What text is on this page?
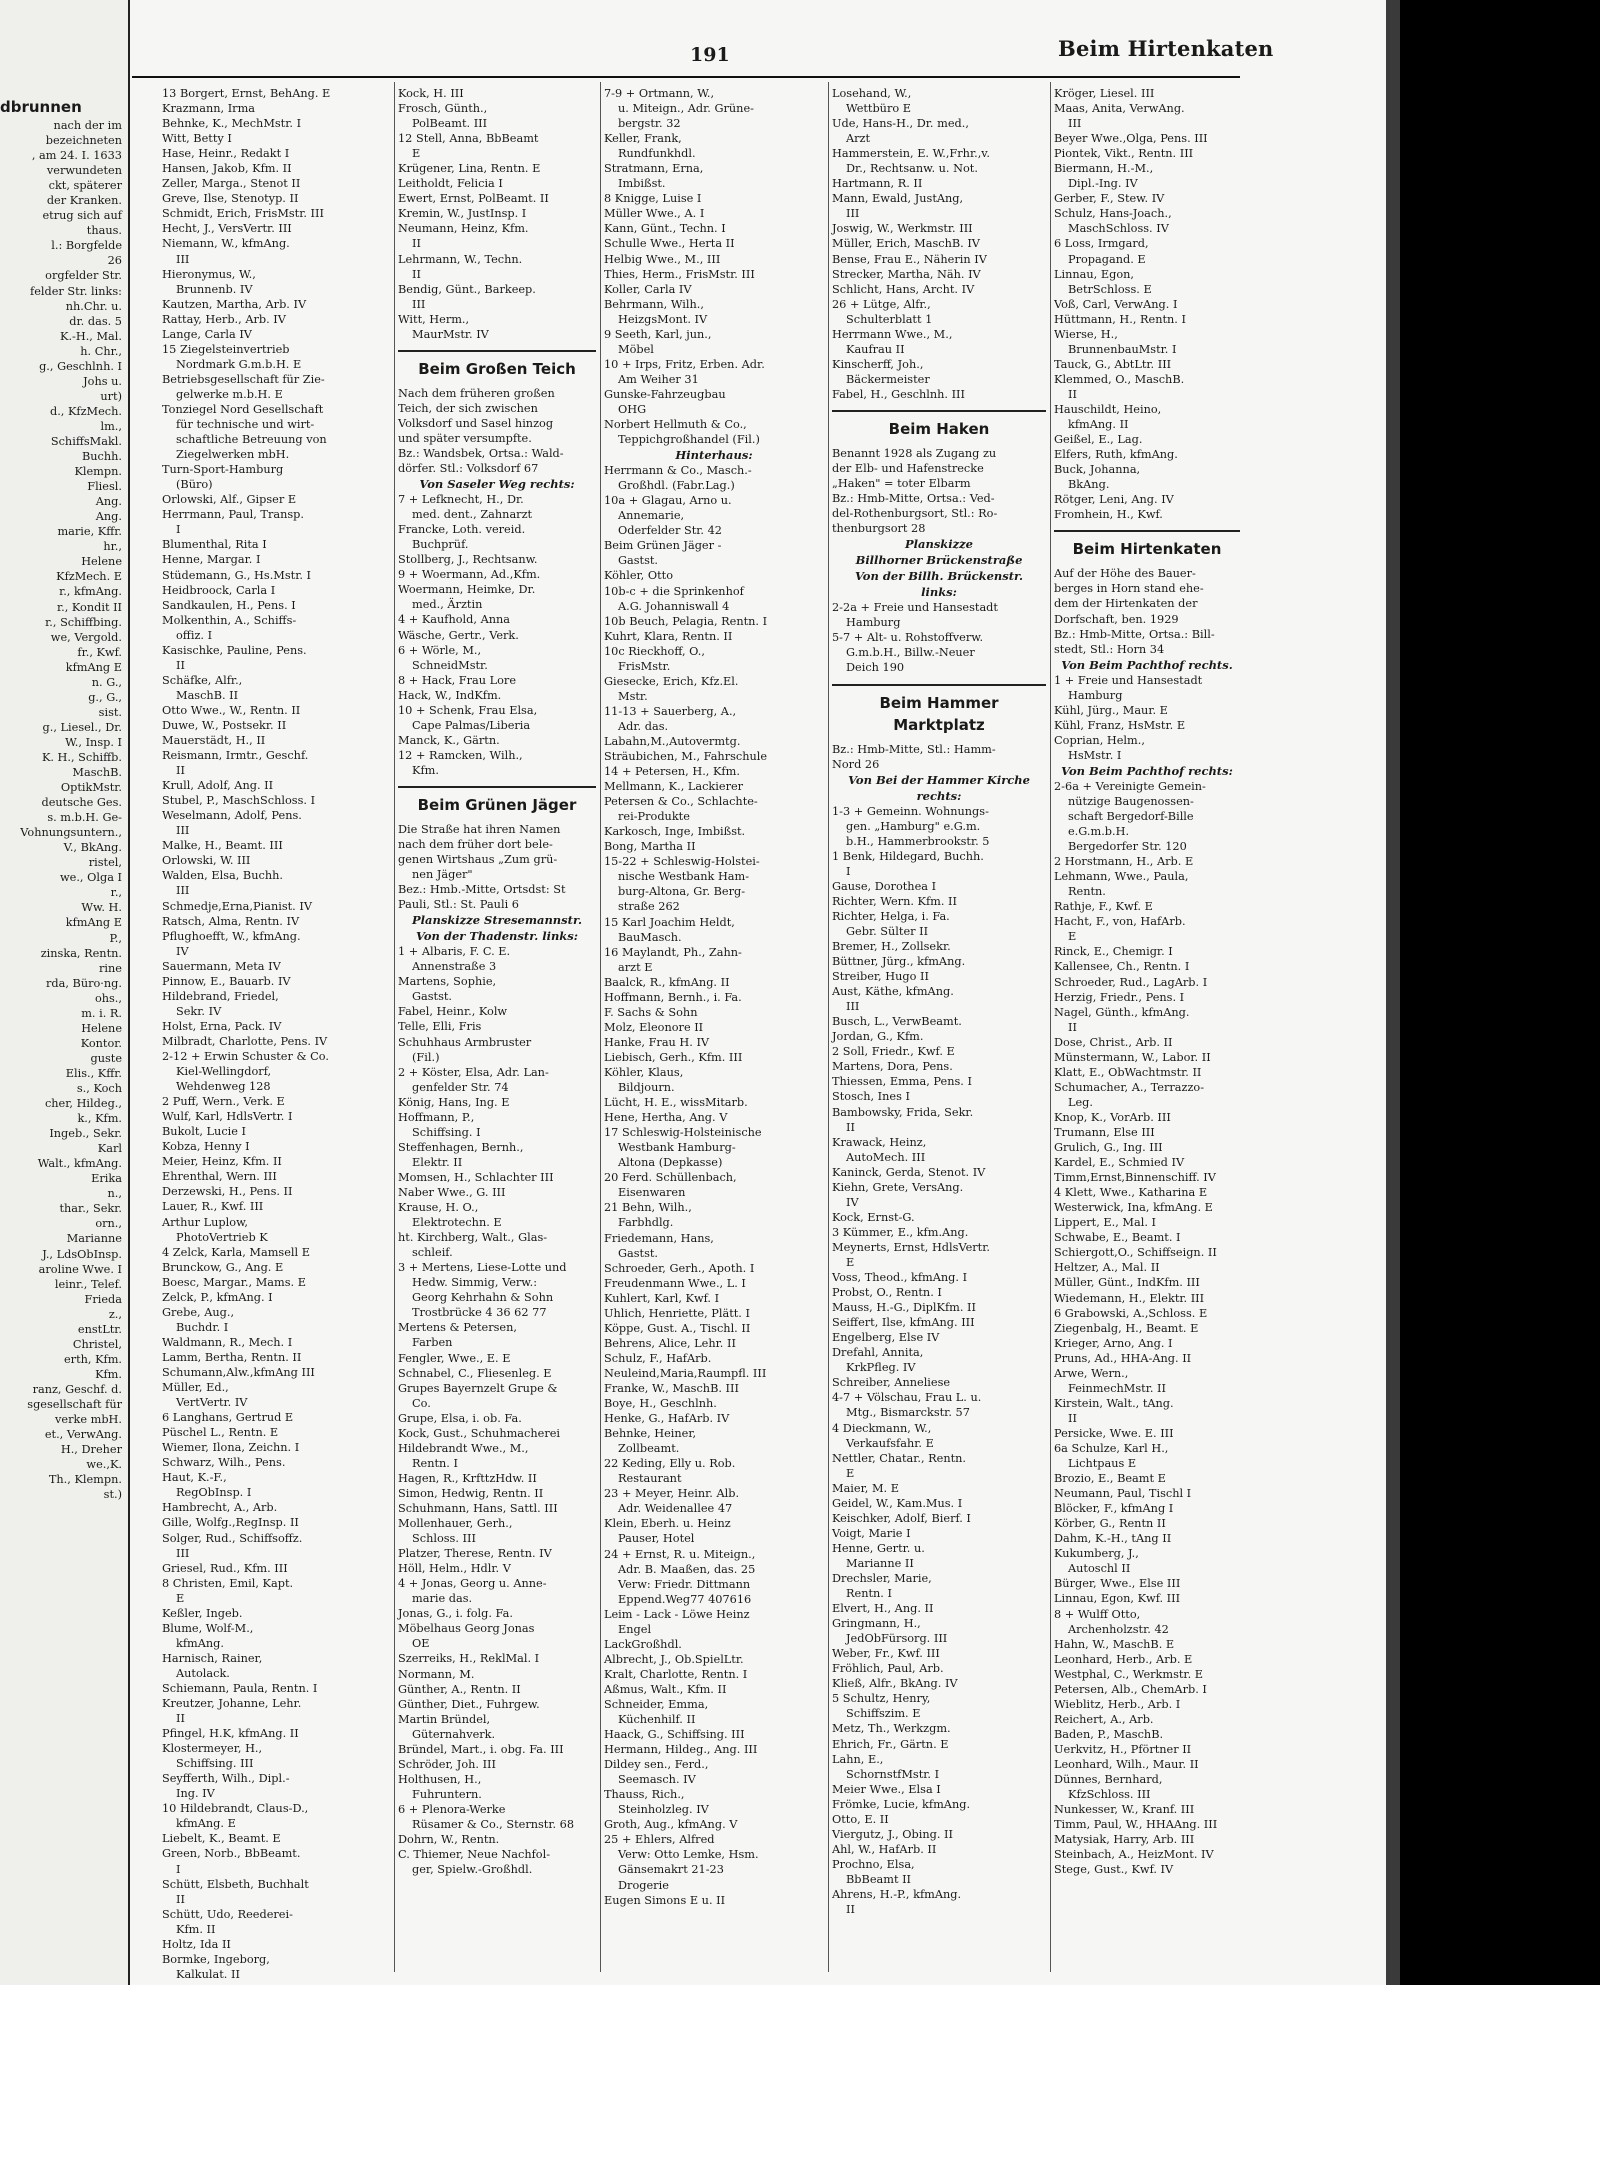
dbrunnen
nach der im
bezeichneten
, am 24. I. 1633
verwundeten
ckt, späterer
der Kranken.
etrug sich auf
thaus.
l.: Borgfelde
26
orgfelder Str.
felder Str. links:
nh.Chr. u.
dr. das. 5
K.-H., Mal.
h. Chr.,
g., Geschlnh. I
Johs u.
urt)
d., KfzMech.
lm.,
SchiffsMakl.
Buchh.
Klempn.
Fliesl.
Ang.
Ang.
marie, Kffr.
hr.,
Helene
KfzMech. E
r., kfmAng.
r., Kondit II
r., Schiffbing.
we, Vergold.
fr., Kwf.
kfmAng E
n. G.,
g., G.,
sist.
g., Liesel., Dr.
W., Insp. I
K. H., Schiffb.
MaschB.
OptikMstr.
deutsche Ges.
s. m.b.H. Ge-
Vohnungsuntern.,
V., BkAng.
ristel,
we., Olga I
r.,
Ww. H.
kfmAng E
P.,
zinska, Rentn.
rine
rda, Büro·ng.
ohs.,
m. i. R.
Helene
Kontor.
guste
Elis., Kffr.
s., Koch
cher, Hildeg.,
k., Kfm.
Ingeb., Sekr.
Karl
Walt., kfmAng.
Erika
n.,
thar., Sekr.
orn.,
Marianne
J., LdsObInsp.
aroline Wwe. I
leinr., Telef.
Frieda
z.,
enstLtr.
Christel,
erth, Kfm.
Kfm.
ranz, Geschf. d.
sgesellschaft für
verke mbH.
et., VerwAng.
H., Dreher
we.,K.
Th., Klempn.
st.)
191	Beim Hirtenkaten
13 Borgert, Ernst, BehAng. E
Krazmann, Irma
Behnke, K., MechMstr. I
Witt, Betty I
Hase, Heinr., Redakt I
Hansen, Jakob, Kfm. II
Zeller, Marga., Stenot II
Greve, Ilse, Stenotyp. II
Schmidt, Erich, FrisMstr. III
Hecht, J., VersVertr. III
Niemann, W., kfmAng.
III
Hieronymus, W.,
Brunnenb. IV
Kautzen, Martha, Arb. IV
Rattay, Herb., Arb. IV
Lange, Carla IV
15 Ziegelsteinvertrieb
Nordmark G.m.b.H. E
Betriebsgesellschaft für Zie-
gelwerke m.b.H. E
Tonziegel Nord Gesellschaft
für technische und wirt-
schaftliche Betreuung von
Ziegelwerken mbH.
Turn-Sport-Hamburg
(Büro)
Orlowski, Alf., Gipser E
Herrmann, Paul, Transp.
I
Blumenthal, Rita I
Henne, Margar. I
Stüdemann, G., Hs.Mstr. I
Heidbroock, Carla I
Sandkaulen, H., Pens. I
Molkenthin, A., Schiffs-
offiz. I
Kasischke, Pauline, Pens.
II
Schäfke, Alfr.,
MaschB. II
Otto Wwe., W., Rentn. II
Duwe, W., Postsekr. II
Mauerstädt, H., II
Reismann, Irmtr., Geschf.
II
Krull, Adolf, Ang. II
Stubel, P., MaschSchloss. I
Weselmann, Adolf, Pens.
III
Malke, H., Beamt. III
Orlowski, W. III
Walden, Elsa, Buchh.
III
Schmedje,Erna,Pianist. IV
Ratsch, Alma, Rentn. IV
Pflughoefft, W., kfmAng.
IV
Sauermann, Meta IV
Pinnow, E., Bauarb. IV
Hildebrand, Friedel,
Sekr. IV
Holst, Erna, Pack. IV
Milbradt, Charlotte, Pens. IV
2-12 + Erwin Schuster & Co.
Kiel-Wellingdorf,
Wehdenweg 128
2 Puff, Wern., Verk. E
Wulf, Karl, HdlsVertr. I
Bukolt, Lucie I
Kobza, Henny I
Meier, Heinz, Kfm. II
Ehrenthal, Wern. III
Derzewski, H., Pens. II
Lauer, R., Kwf. III
Arthur Luplow,
PhotoVertrieb K
4 Zelck, Karla, Mamsell E
Brunckow, G., Ang. E
Boesc, Margar., Mams. E
Zelck, P., kfmAng. I
Grebe, Aug.,
Buchdr. I
Waldmann, R., Mech. I
Lamm, Bertha, Rentn. II
Schumann,Alw.,kfmAng III
Müller, Ed.,
VertVertr. IV
6 Langhans, Gertrud E
Püschel L., Rentn. E
Wiemer, Ilona, Zeichn. I
Schwarz, Wilh., Pens.
Haut, K.-F.,
RegObInsp. I
Hambrecht, A., Arb.
Gille, Wolfg.,RegInsp. II
Solger, Rud., Schiffsoffz.
III
Griesel, Rud., Kfm. III
8 Christen, Emil, Kapt.
E
Keßler, Ingeb.
Blume, Wolf-M.,
kfmAng.
Harnisch, Rainer,
Autolack.
Schiemann, Paula, Rentn. I
Kreutzer, Johanne, Lehr.
II
Pfingel, H.K, kfmAng. II
Klostermeyer, H.,
Schiffsing. III
Seyfferth, Wilh., Dipl.-
Ing. IV
10 Hildebrandt, Claus-D.,
kfmAng. E
Liebelt, K., Beamt. E
Green, Norb., BbBeamt.
I
Schütt, Elsbeth, Buchhalt
II
Schütt, Udo, Reederei-
Kfm. II
Holtz, Ida II
Bormke, Ingeborg,
Kalkulat. II
Kock, H. III
Frosch, Günth.,
PolBeamt. III
12 Stell, Anna, BbBeamt
E
Krügener, Lina, Rentn. E
Leitholdt, Felicia I
Ewert, Ernst, PolBeamt. II
Kremin, W., JustInsp. I
Neumann, Heinz, Kfm.
II
Lehrmann, W., Techn.
II
Bendig, Günt., Barkeep.
III
Witt, Herm.,
MaurMstr. IV
Beim Großen Teich
Nach dem früheren großen
Teich, der sich zwischen
Volksdorf und Sasel hinzog
und später versumpfte.
Bz.: Wandsbek, Ortsa.: Wald-
dörfer. Stl.: Volksdorf 67
Von Saseler Weg rechts:
7 + Lefknecht, H., Dr.
med. dent., Zahnarzt
Francke, Loth. vereid.
Buchprüf.
Stollberg, J., Rechtsanw.
9 + Woermann, Ad.,Kfm.
Woermann, Heimke, Dr.
med., Ärztin
4 + Kaufhold, Anna
Wäsche, Gertr., Verk.
6 + Wörle, M.,
SchneidMstr.
8 + Hack, Frau Lore
Hack, W., IndKfm.
10 + Schenk, Frau Elsa,
Cape Palmas/Liberia
Manck, K., Gärtn.
12 + Ramcken, Wilh.,
Kfm.
Beim Grünen Jäger
Die Straße hat ihren Namen
nach dem früher dort bele-
genen Wirtshaus „Zum grü-
nen Jäger"
Bez.: Hmb.-Mitte, Ortsdst: St
Pauli, Stl.: St. Pauli 6
Planskizze Stresemannstr.
Von der Thadenstr. links:
1 + Albaris, F. C. E.
Annenstraße 3
Martens, Sophie,
Gastst.
Fabel, Heinr., Kolw
Telle, Elli, Fris
Schuhhaus Armbruster
(Fil.)
2 + Köster, Elsa, Adr. Lan-
genfelder Str. 74
König, Hans, Ing. E
Hoffmann, P.,
Schiffsing. I
Steffenhagen, Bernh.,
Elektr. II
Momsen, H., Schlachter III
Naber Wwe., G. III
Krause, H. O.,
Elektrotechn. E
ht. Kirchberg, Walt., Glas-
schleif.
3 + Mertens, Liese-Lotte und
Hedw. Simmig, Verw.:
Georg Kehrhahn & Sohn
Trostbrücke 4 36 62 77
Mertens & Petersen,
Farben
Fengler, Wwe., E. E
Schnabel, C., Fliesenleg. E
Grupes Bayernzelt Grupe &
Co.
Grupe, Elsa, i. ob. Fa.
Kock, Gust., Schuhmacherei
Hildebrandt Wwe., M.,
Rentn. I
Hagen, R., KrfttzHdw. II
Simon, Hedwig, Rentn. II
Schuhmann, Hans, Sattl. III
Mollenhauer, Gerh.,
Schloss. III
Platzer, Therese, Rentn. IV
Höll, Helm., Hdlr. V
4 + Jonas, Georg u. Anne-
marie das.
Jonas, G., i. folg. Fa.
Möbelhaus Georg Jonas
OE
Szerreiks, H., ReklMal. I
Normann, M.
Günther, A., Rentn. II
Günther, Diet., Fuhrgew.
Martin Bründel,
Güternahverk.
Bründel, Mart., i. obg. Fa. III
Schröder, Joh. III
Holthusen, H.,
Fuhruntern.
6 + Plenora-Werke
Rüsamer & Co., Sternstr. 68
Dohrn, W., Rentn.
C. Thiemer, Neue Nachfol-
ger, Spielw.-Großhdl.
7-9 + Ortmann, W.,
u. Miteign., Adr. Grüne-
bergstr. 32
Keller, Frank,
Rundfunkhdl.
Stratmann, Erna,
Imbißst.
8 Knigge, Luise I
Müller Wwe., A. I
Kann, Günt., Techn. I
Schulle Wwe., Herta II
Helbig Wwe., M., III
Thies, Herm., FrisMstr. III
Koller, Carla IV
Behrmann, Wilh.,
HeizgsMont. IV
9 Seeth, Karl, jun.,
Möbel
10 + Irps, Fritz, Erben. Adr.
Am Weiher 31
Gunske-Fahrzeugbau
OHG
Norbert Hellmuth & Co.,
Teppichgroßhandel (Fil.)
Hinterhaus:
Herrmann & Co., Masch.-
Großhdl. (Fabr.Lag.)
10a + Glagau, Arno u.
Annemarie,
Oderfelder Str. 42
Beim Grünen Jäger -
Gastst.
Köhler, Otto
10b-c + die Sprinkenhof
A.G. Johanniswall 4
10b Beuch, Pelagia, Rentn. I
Kuhrt, Klara, Rentn. II
10c Rieckhoff, O.,
FrisMstr.
Giesecke, Erich, Kfz.El.
Mstr.
11-13 + Sauerberg, A.,
Adr. das.
Labahn,M.,Autovermtg.
Sträubichen, M., Fahrschule
14 + Petersen, H., Kfm.
Mellmann, K., Lackierer
Petersen & Co., Schlachte-
rei-Produkte
Karkosch, Inge, Imbißst.
Bong, Martha II
15-22 + Schleswig-Holstei-
nische Westbank Ham-
burg-Altona, Gr. Berg-
straße 262
15 Karl Joachim Heldt,
BauMasch.
16 Maylandt, Ph., Zahn-
arzt E
Baalck, R., kfmAng. II
Hoffmann, Bernh., i. Fa.
F. Sachs & Sohn
Molz, Eleonore II
Hanke, Frau H. IV
Liebisch, Gerh., Kfm. III
Köhler, Klaus,
Bildjourn.
Lücht, H. E., wissMitarb.
Hene, Hertha, Ang. V
17 Schleswig-Holsteinische
Westbank Hamburg-
Altona (Depkasse)
20 Ferd. Schüllenbach,
Eisenwaren
21 Behn, Wilh.,
Farbhdlg.
Friedemann, Hans,
Gastst.
Schroeder, Gerh., Apoth. I
Freudenmann Wwe., L. I
Kuhlert, Karl, Kwf. I
Uhlich, Henriette, Plätt. I
Köppe, Gust. A., Tischl. II
Behrens, Alice, Lehr. II
Schulz, F., HafArb.
Neuleind,Maria,Raumpfl. III
Franke, W., MaschB. III
Boye, H., Geschlnh.
Henke, G., HafArb. IV
Behnke, Heiner,
Zollbeamt.
22 Keding, Elly u. Rob.
Restaurant
23 + Meyer, Heinr. Alb.
Adr. Weidenallee 47
Klein, Eberh. u. Heinz
Pauser, Hotel
24 + Ernst, R. u. Miteign.,
Adr. B. Maaßen, das. 25
Verw: Friedr. Dittmann
Eppend.Weg77 407616
Leim - Lack - Löwe Heinz
Engel
LackGroßhdl.
Albrecht, J., Ob.SpielLtr.
Kralt, Charlotte, Rentn. I
Aßmus, Walt., Kfm. II
Schneider, Emma,
Küchenhilf. II
Haack, G., Schiffsing. III
Hermann, Hildeg., Ang. III
Dildey sen., Ferd.,
Seemasch. IV
Thauss, Rich.,
Steinholzleg. IV
Groth, Aug., kfmAng. V
25 + Ehlers, Alfred
Verw: Otto Lemke, Hsm.
Gänsemakrt 21-23
Drogerie
Eugen Simons E u. II
Losehand, W.,
Wettbüro E
Ude, Hans-H., Dr. med.,
Arzt
Hammerstein, E. W.,Frhr.,v.
Dr., Rechtsanw. u. Not.
Hartmann, R. II
Mann, Ewald, JustAng,
III
Joswig, W., Werkmstr. III
Müller, Erich, MaschB. IV
Bense, Frau E., Näherin IV
Strecker, Martha, Näh. IV
Schlicht, Hans, Archt. IV
26 + Lütge, Alfr.,
Schulterblatt 1
Herrmann Wwe., M.,
Kaufrau II
Kinscherff, Joh.,
Bäckermeister
Fabel, H., Geschlnh. III
Beim Haken
Benannt 1928 als Zugang zu
der Elb- und Hafenstrecke
„Haken" = toter Elbarm
Bz.: Hmb-Mitte, Ortsa.: Ved-
del-Rothenburgsort, Stl.: Ro-
thenburgsort 28
Planskizze
Billhorner Brückenstraße
Von der Billh. Brückenstr.
links:
2-2a + Freie und Hansestadt
Hamburg
5-7 + Alt- u. Rohstoffverw.
G.m.b.H., Billw.-Neuer
Deich 190
Beim Hammer Marktplatz
Bz.: Hmb-Mitte, Stl.: Hamm-
Nord 26
Von Bei der Hammer Kirche
rechts:
1-3 + Gemeinn. Wohnungs-
gen. „Hamburg" e.G.m.
b.H., Hammerbrookstr. 5
1 Benk, Hildegard, Buchh.
I
Gause, Dorothea I
Richter, Wern. Kfm. II
Richter, Helga, i. Fa.
Gebr. Sülter II
Bremer, H., Zollsekr.
Büttner, Jürg., kfmAng.
Streiber, Hugo II
Aust, Käthe, kfmAng.
III
Busch, L., VerwBeamt.
Jordan, G., Kfm.
2 Soll, Friedr., Kwf. E
Martens, Dora, Pens.
Thiessen, Emma, Pens. I
Stosch, Ines I
Bambowsky, Frida, Sekr.
II
Krawack, Heinz,
AutoMech. III
Kaninck, Gerda, Stenot. IV
Kiehn, Grete, VersAng.
IV
Kock, Ernst-G.
3 Kümmer, E., kfm.Ang.
Meynerts, Ernst, HdlsVertr.
E
Voss, Theod., kfmAng. I
Probst, O., Rentn. I
Mauss, H.-G., DiplKfm. II
Seiffert, Ilse, kfmAng. III
Engelberg, Else IV
Drefahl, Annita,
KrkPfleg. IV
Schreiber, Anneliese
4-7 + Völschau, Frau L. u.
Mtg., Bismarckstr. 57
4 Dieckmann, W.,
Verkaufsfahr. E
Nettler, Chatar., Rentn.
E
Maier, M. E
Geidel, W., Kam.Mus. I
Keischker, Adolf, Bierf. I
Voigt, Marie I
Henne, Gertr. u.
Marianne II
Drechsler, Marie,
Rentn. I
Elvert, H., Ang. II
Gringmann, H.,
JedObFürsorg. III
Weber, Fr., Kwf. III
Fröhlich, Paul, Arb.
Kließ, Alfr., BkAng. IV
5 Schultz, Henry,
Schiffszim. E
Metz, Th., Werkzgm.
Ehrich, Fr., Gärtn. E
Lahn, E.,
SchornstfMstr. I
Meier Wwe., Elsa I
Frömke, Lucie, kfmAng.
Otto, E. II
Viergutz, J., Obing. II
Ahl, W., HafArb. II
Prochno, Elsa,
BbBeamt II
Ahrens, H.-P., kfmAng.
II
Kröger, Liesel. III
Maas, Anita, VerwAng.
III
Beyer Wwe.,Olga, Pens. III
Piontek, Vikt., Rentn. III
Biermann, H.-M.,
Dipl.-Ing. IV
Gerber, F., Stew. IV
Schulz, Hans-Joach.,
MaschSchloss. IV
6 Loss, Irmgard,
Propagand. E
Linnau, Egon,
BetrSchloss. E
Voß, Carl, VerwAng. I
Hüttmann, H., Rentn. I
Wierse, H.,
BrunnenbauMstr. I
Tauck, G., AbtLtr. III
Klemmed, O., MaschB.
II
Hauschildt, Heino,
kfmAng. II
Geißel, E., Lag.
Elfers, Ruth, kfmAng.
Buck, Johanna,
BkAng.
Rötger, Leni, Ang. IV
Fromhein, H., Kwf.
Beim Hirtenkaten
Auf der Höhe des Bauer-
berges in Horn stand ehe-
dem der Hirtenkaten der
Dorfschaft, ben. 1929
Bz.: Hmb-Mitte, Ortsa.: Bill-
stedt, Stl.: Horn 34
Von Beim Pachthof rechts.
1 + Freie und Hansestadt
Hamburg
Kühl, Jürg., Maur. E
Kühl, Franz, HsMstr. E
Coprian, Helm.,
HsMstr. I
Von Beim Pachthof rechts:
2-6a + Vereinigte Gemein-
nützige Baugenossen-
schaft Bergedorf-Bille
e.G.m.b.H.
Bergedorfer Str. 120
2 Horstmann, H., Arb. E
Lehmann, Wwe., Paula,
Rentn.
Rathje, F., Kwf. E
Hacht, F., von, HafArb.
E
Rinck, E., Chemigr. I
Kallensee, Ch., Rentn. I
Schroeder, Rud., LagArb. I
Herzig, Friedr., Pens. I
Nagel, Günth., kfmAng.
II
Dose, Christ., Arb. II
Münstermann, W., Labor. II
Klatt, E., ObWachtmstr. II
Schumacher, A., Terrazzo-
Leg.
Knop, K., VorArb. III
Trumann, Else III
Grulich, G., Ing. III
Kardel, E., Schmied IV
Timm,Ernst,Binnenschiff. IV
4 Klett, Wwe., Katharina E
Westerwick, Ina, kfmAng. E
Lippert, E., Mal. I
Schwabe, E., Beamt. I
Schiergott,O., Schiffseign. II
Heltzer, A., Mal. II
Müller, Günt., IndKfm. III
Wiedemann, H., Elektr. III
6 Grabowski, A.,Schloss. E
Ziegenbalg, H., Beamt. E
Krieger, Arno, Ang. I
Pruns, Ad., HHA-Ang. II
Arwe, Wern.,
FeinmechMstr. II
Kirstein, Walt., tAng.
II
Persicke, Wwe. E. III
6a Schulze, Karl H.,
Lichtpaus E
Brozio, E., Beamt E
Neumann, Paul, Tischl I
Blöcker, F., kfmAng I
Körber, G., Rentn II
Dahm, K.-H., tAng II
Kukumberg, J.,
Autoschl II
Bürger, Wwe., Else III
Linnau, Egon, Kwf. III
8 + Wulff Otto,
Archenholzstr. 42
Hahn, W., MaschB. E
Leonhard, Herb., Arb. E
Westphal, C., Werkmstr. E
Petersen, Alb., ChemArb. I
Wieblitz, Herb., Arb. I
Reichert, A., Arb.
Baden, P., MaschB.
Uerkvitz, H., Pförtner II
Leonhard, Wilh., Maur. II
Dünnes, Bernhard,
KfzSchloss. III
Nunkesser, W., Kranf. III
Timm, Paul, W., HHAAng. III
Matysiak, Harry, Arb. III
Steinbach, A., HeizMont. IV
Stege, Gust., Kwf. IV
